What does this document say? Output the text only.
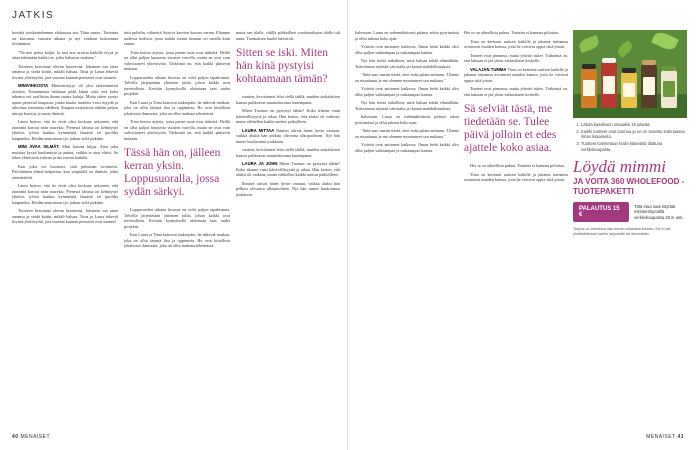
JATKIS

kevättä työskentelemme elokuusta asti Tiina sanoo. Toiminta on kasvanut vuosien aikana ja nyt voidaan kokoontua tiiviimmin.

"Nä met perus kaljät. Ja nad aret arvatia kaikille etyyä ja ottaa tekemään kaikki ne, jotka haluavat mukaan."

Tuotteen kerrotaan olevan luontevaa. Jokainen saa ottaa omansa ja viedä kotiin, mikäli haluaa. Tiina ja Laura tekevät tiivistä yhteistyötä, jota vuonna kunnan perusteet ovat saaneet.

MINIVIHKOSTA Minimiväsyys oli yksi tärkeimmistä asioista. Toiminnassa halutaan pitää kiinni siitä, että kuka tahansa voi osallistua ilman suuria kuluja. Mutta sitten syntyi ajatus pienestä kaupasta, jonka kautta tuotteita voisi myydä ja rahoittaa toimintaa edelleen. Kaupan avajaisissa nähtiin paljon tuttuja kasvoja ja uusia ihmisiä.

Laura kertoo, että he eivät olisi koskaan uskoneet, että toiminta kasvaa näin suureksi. Pienestä ideasta on kehittynyt yhteisö, johon kuuluu kymmeniä ihmisiä eri puolilta kaupunkia. Heidän ansiostaan työ jatkuu vielä pitkään.

MINI AVAA SILMÄT. Mini kasvaa hiljaa. Aina joku muistaa kysyä kuulumisia ja auttaa, vaikka ei aina ehtisi. Se tekee yhteisöstä vahvan ja tuo turvaa kaikille.

Kun joku voi huonosti, siitä puhutaan avoimesti. Päivittäinen elämä helpottuu, kun ympärillä on ihmisiä, jotka ymmärtävät.

Laura kertoo, että he eivät olisi koskaan uskoneet, että toiminta kasvaa näin suureksi. Pienestä ideasta on kehittynyt yhteisö, johon kuuluu kymmeniä ihmisiä eri puolilta kaupunkia. Heidän ansiostaan työ jatkuu vielä pitkään.

Tuotteen kerrotaan olevan luontevaa. Jokainen saa ottaa omansa ja viedä kotiin, mikäli haluaa. Tiina ja Laura tekevät tiivistä yhteistyötä, jota vuonna kunnan perusteet ovat saaneet.

tävä puhelin, välineitä löytyvä kasvien kasvua varten. Elämme uudessa kodissa, jossa kaikki toimii hieman eri tavalla kuin ennen.

Tiina kertoo arjesta, jossa pienet asiat ovat tärkeitä. Heillä on ollut paljon haasteita vuosien varrella, mutta ne ovat vain vahvistaneet yhteistyötä. Tärkeintä on, että kaikki pääsevät mukaan.

Loppuvuoden aikana luvassa on vielä paljon tapahtumia. Talvella järjestetään yhteinen juhla, johon kaikki ovat tervetulleita. Kevään kynnyksellä aloitetaan taas uudet projektit.

Kun Laura ja Tiina katsovat taaksepäin, he näkevät matkan, joka on ollut täynnä iloa ja oppimista. He ovat kiitollisia jokaisesta ihmisestä, joka on ollut mukana tekemässä.

Tiina kertoo arjesta, jossa pienet asiat ovat tärkeitä. Heillä on ollut paljon haasteita vuosien varrella, mutta ne ovat vain vahvistaneet yhteistyötä. Tärkeintä on, että kaikki pääsevät mukaan.

Tässä hän on, jälleen kerran yksin. Loppusuoralla, jossa sydän särkyi.

Loppuvuoden aikana luvassa on vielä paljon tapahtumia. Talvella järjestetään yhteinen juhla, johon kaikki ovat tervetulleita. Kevään kynnyksellä aloitetaan taas uudet projektit.

Kun Laura ja Tiina katsovat taaksepäin, he näkevät matkan, joka on ollut täynnä iloa ja oppimista. He ovat kiitollisia jokaisesta ihmisestä, joka on ollut mukana tekemässä.

mutta sen tilalle, välillä pöhkeilleet vuodenaikojen tilalle tuli uutta. Tuomaksen huolet hävisivät.

Sitten se iski. Miten hän kinä pystyisi kohtaamaan tämän?

vaatien, kevottomat lelut siellä täällä, muiden aiskalaisten kanssa puhkeavat muuttokuorma kauempana.

Miten Tuomas on pystynyt tähän? Koko tilanne vaati kärsivällisyyttä ja aikaa. Hän kertoo, että aluksi oli vaikeaa, mutta vähitellen kaikki asettui paikoilleen.

LAURA MITTAA Ihmiset ottivat hänet hyvin vastaan, vaikka aluksi hän pelkäsi olevansa ulkopuolinen. Nyt hän tuntee kuuluvansa joukkoon.

vaatien, kevottomat lelut siellä täällä, muiden aiskalaisten kanssa puhkeavat muuttokuorma kauempana.

LAURA JA JOHN Miten Tuomas on pystynyt tähän? Koko tilanne vaati kärsivällisyyttä ja aikaa. Hän kertoo, että aluksi oli vaikeaa, mutta vähitellen kaikki asettui paikoilleen.

Ihmiset ottivat hänet hyvin vastaan, vaikka aluksi hän pelkäsi olevansa ulkopuolinen. Nyt hän tuntee kuuluvansa joukkoon.

40 MENAISET

kalvetaan. Laura on todennäköisesti pitänyt arkea pyörimässä ja ollut tukena koko ajan.

Ystävät ovat auttaneet kaikessa. Ilman heitä kaikki olisi ollut paljon vaikeampaa ja raskaampaa kantaa.

Nyt hän tietää tarkalleen, mitä haluaa tehdä elämällään. Tulevaisuus näyttää valoisalta ja täynnä mahdollisuuksia.

"Sittä taas saatiin tietää, ettei enää palata entiseen. Tilanne on muuttunut ja me olemme muuttuneet sen mukana."

Ystävät ovat auttaneet kaikessa. Ilman heitä kaikki olisi ollut paljon vaikeampaa ja raskaampaa kantaa.

Nyt hän tietää tarkalleen, mitä haluaa tehdä elämällään. Tulevaisuus näyttää valoisalta ja täynnä mahdollisuuksia.

kalvetaan. Laura on todennäköisesti pitänyt arkea pyörimässä ja ollut tukena koko ajan.

"Sittä taas saatiin tietää, ettei enää palata entiseen. Tilanne on muuttunut ja me olemme muuttuneet sen mukana."

Ystävät ovat auttaneet kaikessa. Ilman heitä kaikki olisi ollut paljon vaikeampaa ja raskaampaa kantaa.

Hei se on aiheellista puhua. Tunteita ei kannata piilottaa.

Tiina on kertonut uutisen kaikille ja jakanut tarinansa avoimesti muiden kanssa, jotta he voisivat oppia siitä jotain.

Tunteet ovat pinnassa, mutta yhteisö tukee. Tärkeintä on, että kukaan ei jää yksin vaikeuksien keskelle.

VALAJAN TUMMA Tiina on kertonut uutisen kaikille ja jakanut tarinansa avoimesti muiden kanssa, jotta he voisivat oppia siitä jotain.

Tunteet ovat pinnassa, mutta yhteisö tukee. Tärkeintä on, että kukaan ei jää yksin vaikeuksien keskelle.

Sä selviät tästä, me tiedetään se. Tulee päivä jolloin et edes ajattele koko asiaa.

Hei se on aiheellista puhua. Tunteita ei kannata piilottaa.

Tiina on kertonut uutisen kaikille ja jakanut tarinansa avoimesti muiden kanssa, jotta he voisivat oppia siitä jotain.

1. Lähdä kasvikset runsaaksi 15 päivää.
2. Kaikki tuotteet ovat luomua ja ne on tuotettu kotimaassa ilman lisäaineita.
3. Tuotteet toimitetaan kotiin kätevästi tilattuna verkkokaupasta.
Löydä mimmi
JA VOITA 360 WHOLEFOOD -TUOTEPAKETTI
PALAUTUS 15 €
Tätä etua saat käyttää rekisteröitymällä verkkokaupassa 30.9. asti.
Tarjous on voimassa vain kerran asiakasta kohden. Etu ei ole yhdistettävissä muihin tarjouksiin tai alennuksiin.
MENAISET 41
